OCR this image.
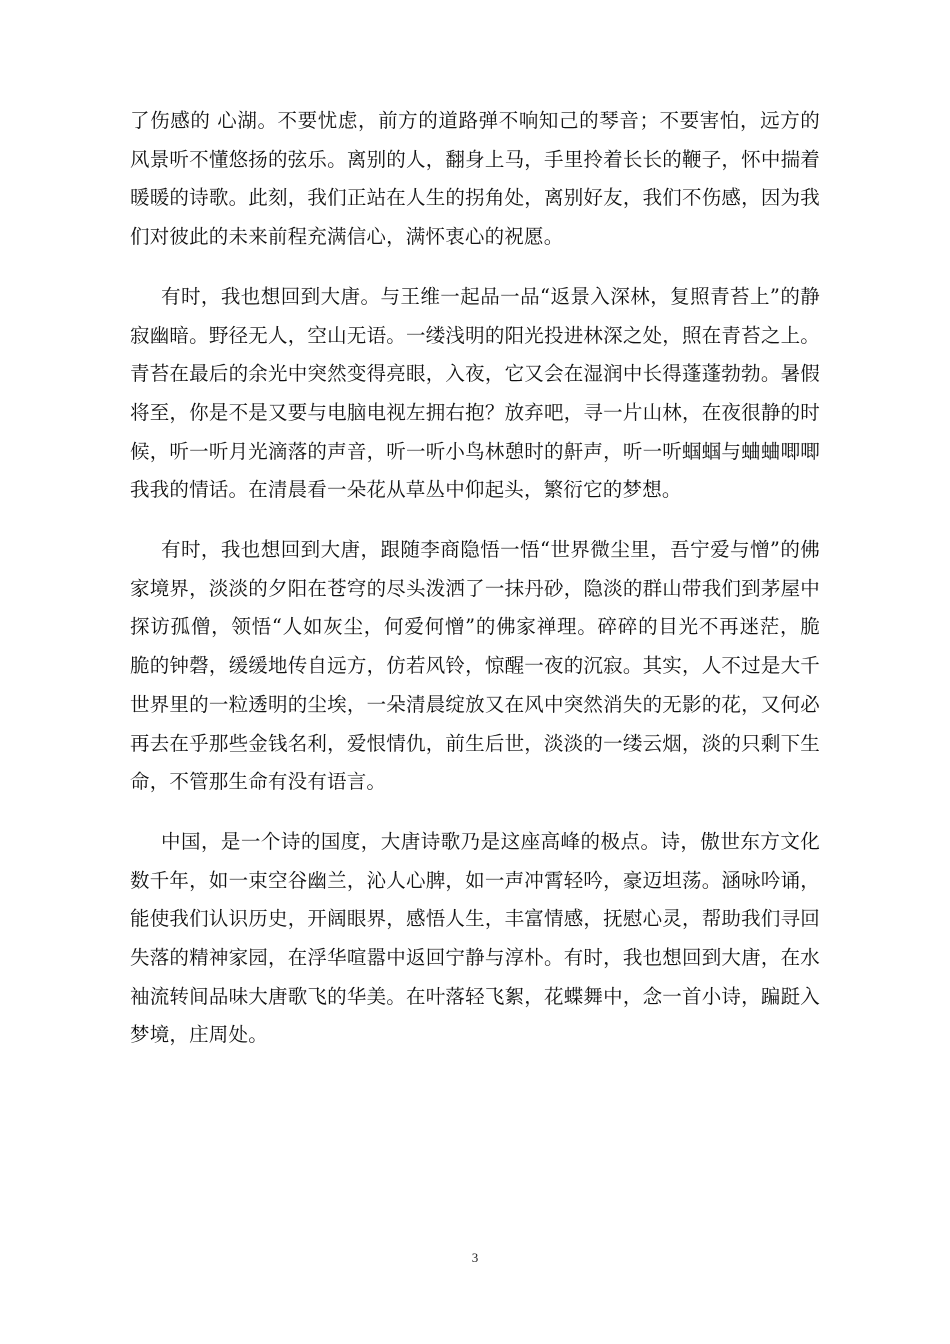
了伤感的 心湖。不要忧虑，前方的道路弹不响知己的琴音；不要害怕，远方的风景听不懂悠扬的弦乐。离别的人，翻身上马，手里拎着长长的鞭子，怀中揣着暖暖的诗歌。此刻，我们正站在人生的拐角处，离别好友，我们不伤感，因为我们对彼此的未来前程充满信心，满怀衷心的祝愿。

有时，我也想回到大唐。与王维一起品一品“返景入深林，复照青苔上”的静寂幽暗。野径无人，空山无语。一缕浅明的阳光投进林深之处，照在青苔之上。青苔在最后的余光中突然变得亮眼，入夜，它又会在湿润中长得蓬蓬勃勃。暑假将至，你是不是又要与电脑电视左拥右抱？放弃吧，寻一片山林，在夜很静的时候，听一听月光滴落的声音，听一听小鸟林憩时的鼾声，听一听蝈蝈与蛐蛐唧唧我我的情话。在清晨看一朵花从草丛中仰起头，繁衍它的梦想。

有时，我也想回到大唐，跟随李商隐悟一悟“世界微尘里，吾宁爱与憎”的佛家境界，淡淡的夕阳在苍穹的尽头泼洒了一抹丹砂，隐淡的群山带我们到茅屋中探访孤僧，领悟“人如灰尘，何爱何憎”的佛家禅理。碎碎的目光不再迷茫，脆脆的钟磬，缓缓地传自远方，仿若风铃，惊醒一夜的沉寂。其实，人不过是大千世界里的一粒透明的尘埃，一朵清晨绽放又在风中突然消失的无影的花，又何必再去在乎那些金钱名利，爱恨情仇，前生后世，淡淡的一缕云烟，淡的只剩下生命，不管那生命有没有语言。

中国，是一个诗的国度，大唐诗歌乃是这座高峰的极点。诗，傲世东方文化数千年，如一束空谷幽兰，沁人心脾，如一声冲霄轻吟，豪迈坦荡。涵咏吟诵，能使我们认识历史，开阔眼界，感悟人生，丰富情感，抚慰心灵，帮助我们寻回失落的精神家园，在浮华喧嚣中返回宁静与淳朴。有时，我也想回到大唐，在水袖流转间品味大唐歌飞的华美。在叶落轻飞絮，花蝶舞中，念一首小诗，蹁跹入梦境，庄周处。

3
